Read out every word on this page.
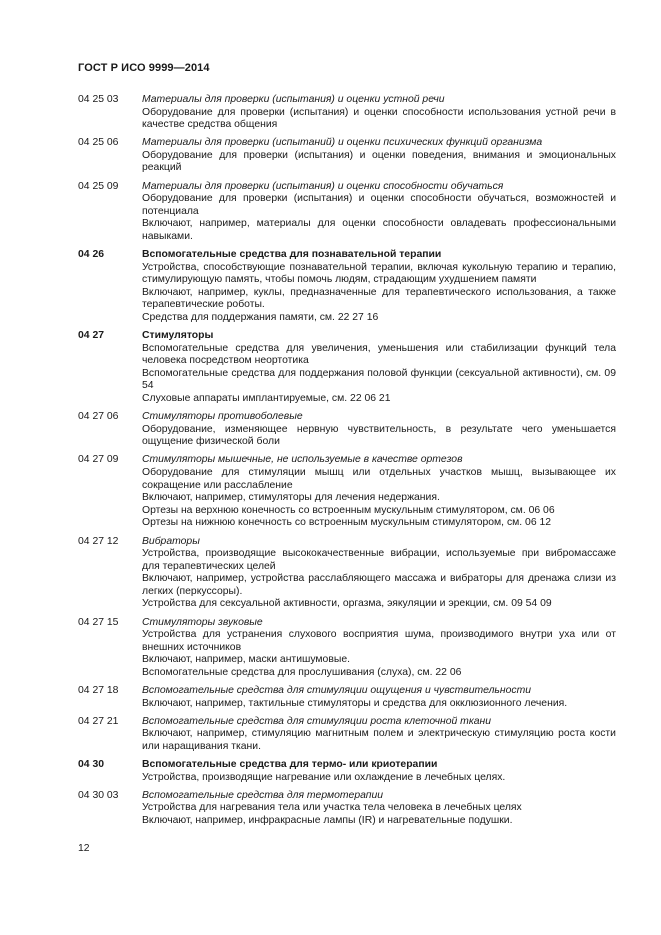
ГОСТ Р ИСО 9999—2014
04 25 03	Материалы для проверки (испытания) и оценки устной речи
Оборудование для проверки (испытания) и оценки способности использования устной речи в качестве средства общения
04 25 06	Материалы для проверки (испытаний) и оценки психических функций организма
Оборудование для проверки (испытания) и оценки поведения, внимания и эмоциональных реакций
04 25 09	Материалы для проверки (испытания) и оценки способности обучаться
Оборудование для проверки (испытания) и оценки способности обучаться, возможностей и потенциала
Включают, например, материалы для оценки способности овладевать профессиональными навыками.
04 26	Вспомогательные средства для познавательной терапии
Устройства, способствующие познавательной терапии, включая кукольную терапию и терапию, стимулирующую память, чтобы помочь людям, страдающим ухудшением памяти
Включают, например, куклы, предназначенные для терапевтического использования, а также терапевтические роботы.
Средства для поддержания памяти, см. 22 27 16
04 27	Стимуляторы
Вспомогательные средства для увеличения, уменьшения или стабилизации функций тела человека посредством неортотика
Вспомогательные средства для поддержания половой функции (сексуальной активности), см. 09 54
Слуховые аппараты имплантируемые, см. 22 06 21
04 27 06	Стимуляторы противоболевые
Оборудование, изменяющее нервную чувствительность, в результате чего уменьшается ощущение физической боли
04 27 09	Стимуляторы мышечные, не используемые в качестве ортезов
Оборудование для стимуляции мышц или отдельных участков мышц, вызывающее их сокращение или расслабление
Включают, например, стимуляторы для лечения недержания.
Ортезы на верхнюю конечность со встроенным мускульным стимулятором, см. 06 06
Ортезы на нижнюю конечность со встроенным мускульным стимулятором, см. 06 12
04 27 12	Вибраторы
Устройства, производящие высококачественные вибрации, используемые при вибромассаже для терапевтических целей
Включают, например, устройства расслабляющего массажа и вибраторы для дренажа слизи из легких (перкуссоры).
Устройства для сексуальной активности, оргазма, эякуляции и эрекции, см. 09 54 09
04 27 15	Стимуляторы звуковые
Устройства для устранения слухового восприятия шума, производимого внутри уха или от внешних источников
Включают, например, маски антишумовые.
Вспомогательные средства для прослушивания (слуха), см. 22 06
04 27 18	Вспомогательные средства для стимуляции ощущения и чувствительности
Включают, например, тактильные стимуляторы и средства для окклюзионного лечения.
04 27 21	Вспомогательные средства для стимуляции роста клеточной ткани
Включают, например, стимуляцию магнитным полем и электрическую стимуляцию роста кости или наращивания ткани.
04 30	Вспомогательные средства для термо- или криотерапии
Устройства, производящие нагревание или охлаждение в лечебных целях.
04 30 03	Вспомогательные средства для термотерапии
Устройства для нагревания тела или участка тела человека в лечебных целях
Включают, например, инфракрасные лампы (IR) и нагревательные подушки.
12
